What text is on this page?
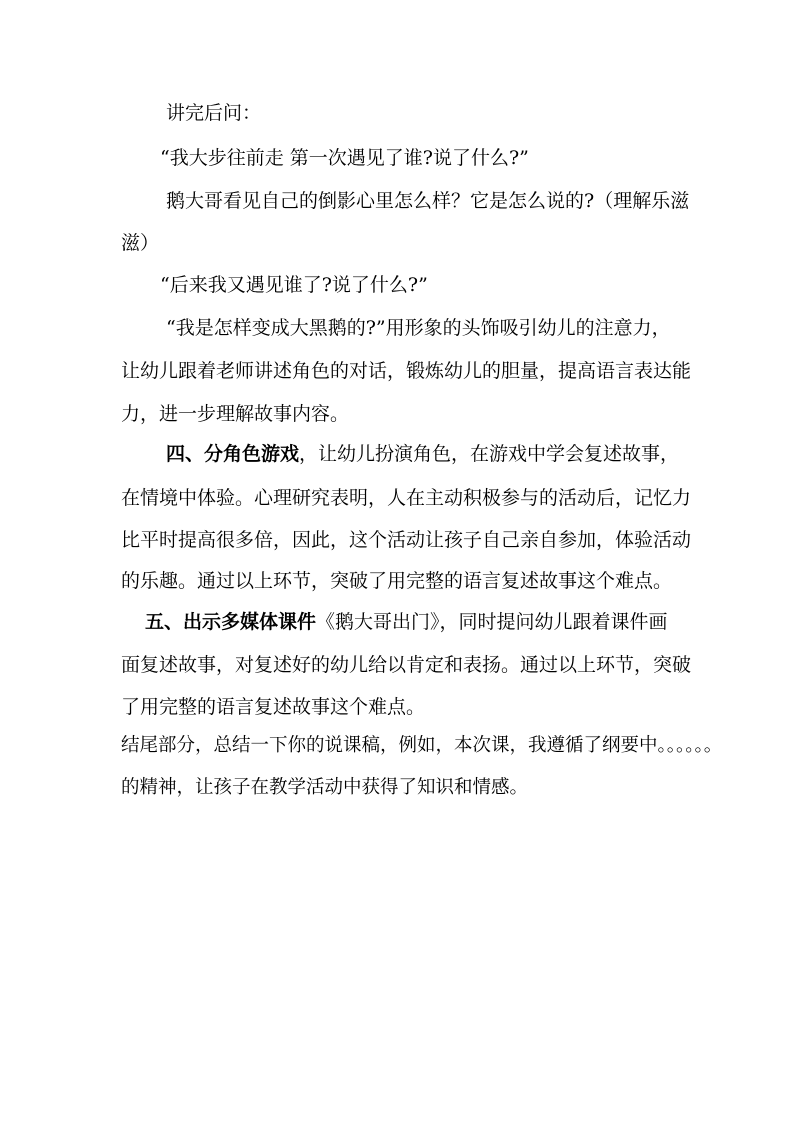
讲完后问：
“我大步往前走 第一次遇见了谁?说了什么?”
鹅大哥看见自己的倒影心里怎么样？它是怎么说的?（理解乐滋
滋）
“后来我又遇见谁了?说了什么?”
“我是怎样变成大黑鹅的?”用形象的头饰吸引幼儿的注意力，
让幼儿跟着老师讲述角色的对话，锻炼幼儿的胆量，提高语言表达能
力，进一步理解故事内容。
四、分角色游戏，让幼儿扮演角色，在游戏中学会复述故事，
在情境中体验。心理研究表明，人在主动积极参与的活动后，记忆力
比平时提高很多倍，因此，这个活动让孩子自己亲自参加，体验活动
的乐趣。通过以上环节，突破了用完整的语言复述故事这个难点。
五、出示多媒体课件《鹅大哥出门》，同时提问幼儿跟着课件画
面复述故事，对复述好的幼儿给以肯定和表扬。通过以上环节，突破
了用完整的语言复述故事这个难点。
结尾部分，总结一下你的说课稿，例如，本次课，我遵循了纲要中。。。。。。
的精神，让孩子在教学活动中获得了知识和情感。
